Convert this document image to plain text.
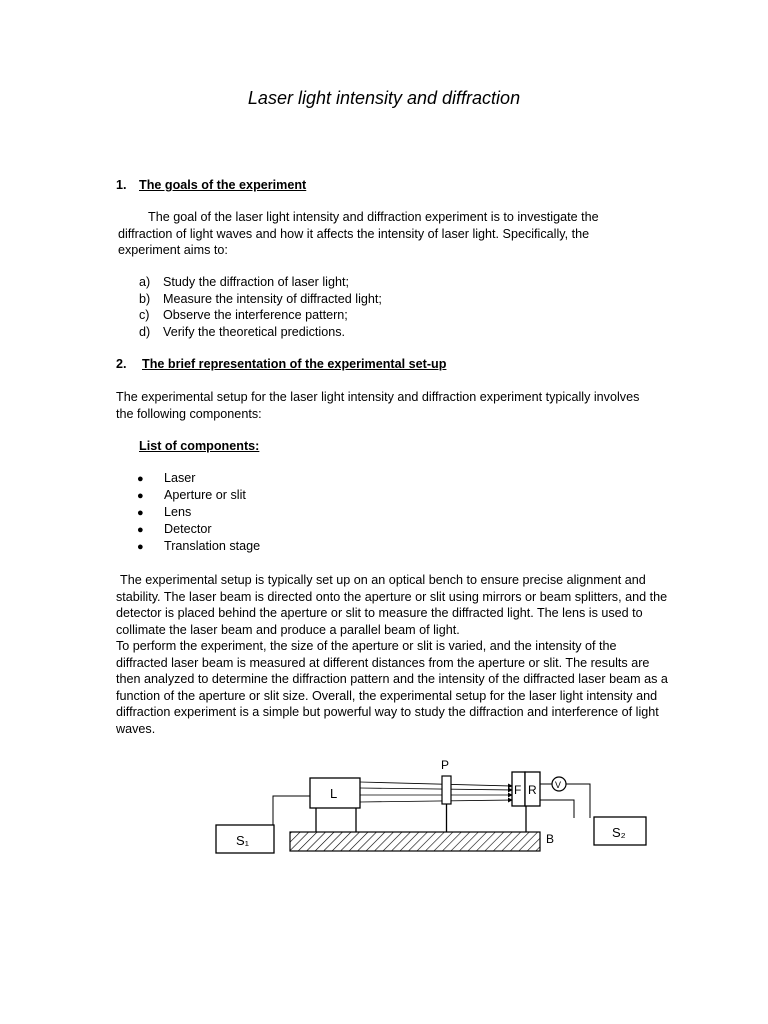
Laser light intensity and diffraction
1. The goals of the experiment
The goal of the laser light intensity and diffraction experiment is to investigate the
diffraction of light waves and how it affects the intensity of laser light. Specifically, the
experiment aims to:
a) Study the diffraction of laser light;
b) Measure the intensity of diffracted light;
c) Observe the interference pattern;
d) Verify the theoretical predictions.
2. The brief representation of the experimental set-up
The experimental setup for the laser light intensity and diffraction experiment typically involves
the following components:
List of components:
● Laser
● Aperture or slit
● Lens
● Detector
● Translation stage
The experimental setup is typically set up on an optical bench to ensure precise alignment and
stability. The laser beam is directed onto the aperture or slit using mirrors or beam splitters, and the
detector is placed behind the aperture or slit to measure the diffracted light. The lens is used to
collimate the laser beam and produce a parallel beam of light.
To perform the experiment, the size of the aperture or slit is varied, and the intensity of the
diffracted laser beam is measured at different distances from the aperture or slit. The results are
then analyzed to determine the diffraction pattern and the intensity of the diffracted laser beam as a
function of the aperture or slit size. Overall, the experimental setup for the laser light intensity and
diffraction experiment is a simple but powerful way to study the diffraction and interference of light
waves.
S₁
L
P
F R V
B	S₂
